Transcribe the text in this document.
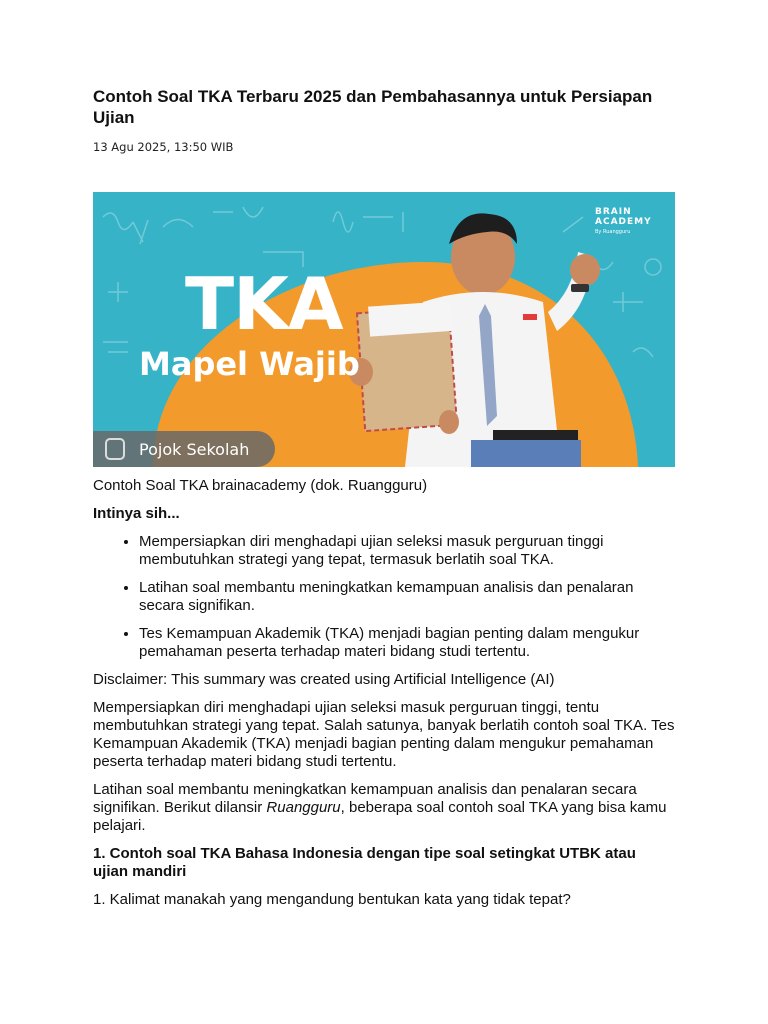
Contoh Soal TKA Terbaru 2025 dan Pembahasannya untuk Persiapan Ujian
13 Agu 2025, 13:50 WIB
TKA
Mapel Wajib
BRAIN
ACADEMY
By Ruangguru
Pojok Sekolah

Contoh Soal TKA brainacademy (dok. Ruangguru)

Intinya sih...

• Mempersiapkan diri menghadapi ujian seleksi masuk perguruan tinggi membutuhkan strategi yang tepat, termasuk berlatih soal TKA.
• Latihan soal membantu meningkatkan kemampuan analisis dan penalaran secara signifikan.
• Tes Kemampuan Akademik (TKA) menjadi bagian penting dalam mengukur pemahaman peserta terhadap materi bidang studi tertentu.

Disclaimer: This summary was created using Artificial Intelligence (AI)

Mempersiapkan diri menghadapi ujian seleksi masuk perguruan tinggi, tentu membutuhkan strategi yang tepat. Salah satunya, banyak berlatih contoh soal TKA. Tes Kemampuan Akademik (TKA) menjadi bagian penting dalam mengukur pemahaman peserta terhadap materi bidang studi tertentu.

Latihan soal membantu meningkatkan kemampuan analisis dan penalaran secara signifikan. Berikut dilansir Ruangguru, beberapa soal contoh soal TKA yang bisa kamu pelajari.

1. Contoh soal TKA Bahasa Indonesia dengan tipe soal setingkat UTBK atau ujian mandiri

1. Kalimat manakah yang mengandung bentukan kata yang tidak tepat?
